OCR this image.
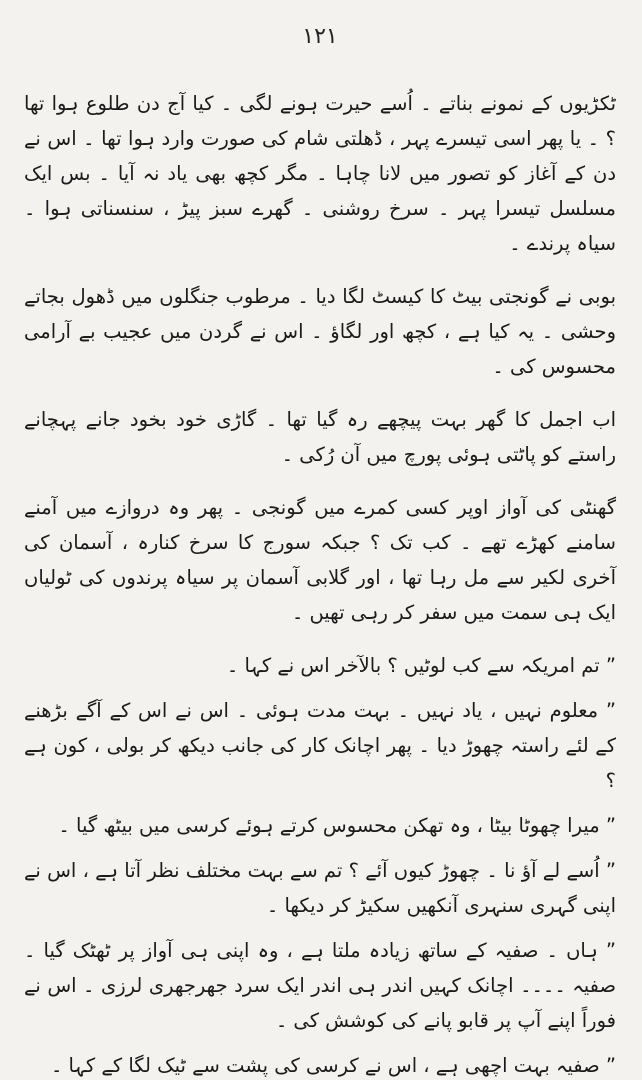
۱۲۱

ٹکڑیوں کے نمونے بناتے ۔ اُسے حیرت ہونے لگی ۔ کیا آج دن طلوع ہوا تھا ؟ ۔ یا پھر اسی تیسرے پہر ، ڈھلتی شام کی صورت وارد ہوا تھا ۔ اس نے دن کے آغاز کو تصور میں لانا چاہا ۔ مگر کچھ بھی یاد نہ آیا ۔ بس ایک مسلسل تیسرا پہر ۔ سرخ روشنی ۔ گھرے سبز پیڑ ، سنسناتی ہوا ۔ سیاہ پرندے ۔

بوبی نے گونجتی بیٹ کا کیسٹ لگا دیا ۔ مرطوب جنگلوں میں ڈھول بجاتے وحشی ۔ یہ کیا ہے ، کچھ اور لگاؤ ۔ اس نے گردن میں عجیب بے آرامی محسوس کی ۔

اب اجمل کا گھر بہت پیچھے رہ گیا تھا ۔ گاڑی خود بخود جانے پہچانے راستے کو پاٹتی ہوئی پورچ میں آن رُکی ۔

گھنٹی کی آواز اوپر کسی کمرے میں گونجی ۔ پھر وہ دروازے میں آمنے سامنے کھڑے تھے ۔ کب تک ؟ جبکہ سورج کا سرخ کنارہ ، آسمان کی آخری لکیر سے مل رہا تھا ، اور گلابی آسمان پر سیاہ پرندوں کی ٹولیاں ایک ہی سمت میں سفر کر رہی تھیں ۔

” تم امریکہ سے کب لوٹیں ؟ بالآخر اس نے کہا ۔

” معلوم نہیں ، یاد نہیں ۔ بہت مدت ہوئی ۔ اس نے اس کے آگے بڑھنے کے لئے راستہ چھوڑ دیا ۔ پھر اچانک کار کی جانب دیکھ کر بولی ، کون ہے ؟

” میرا چھوٹا بیٹا ، وہ تھکن محسوس کرتے ہوئے کرسی میں بیٹھ گیا ۔

” اُسے لے آؤ نا ۔ چھوڑ کیوں آئے ؟ تم سے بہت مختلف نظر آتا ہے ، اس نے اپنی گہری سنہری آنکھیں سکیڑ کر دیکھا ۔

” ہاں ۔ صفیہ کے ساتھ زیادہ ملتا ہے ، وہ اپنی ہی آواز پر ٹھٹک گیا ۔ صفیہ ۔۔۔۔ اچانک کہیں اندر ہی اندر ایک سرد جھرجھری لرزی ۔ اس نے فوراً اپنے آپ پر قابو پانے کی کوشش کی ۔

” صفیہ بہت اچھی ہے ، اس نے کرسی کی پشت سے ٹیک لگا کے کہا ۔
